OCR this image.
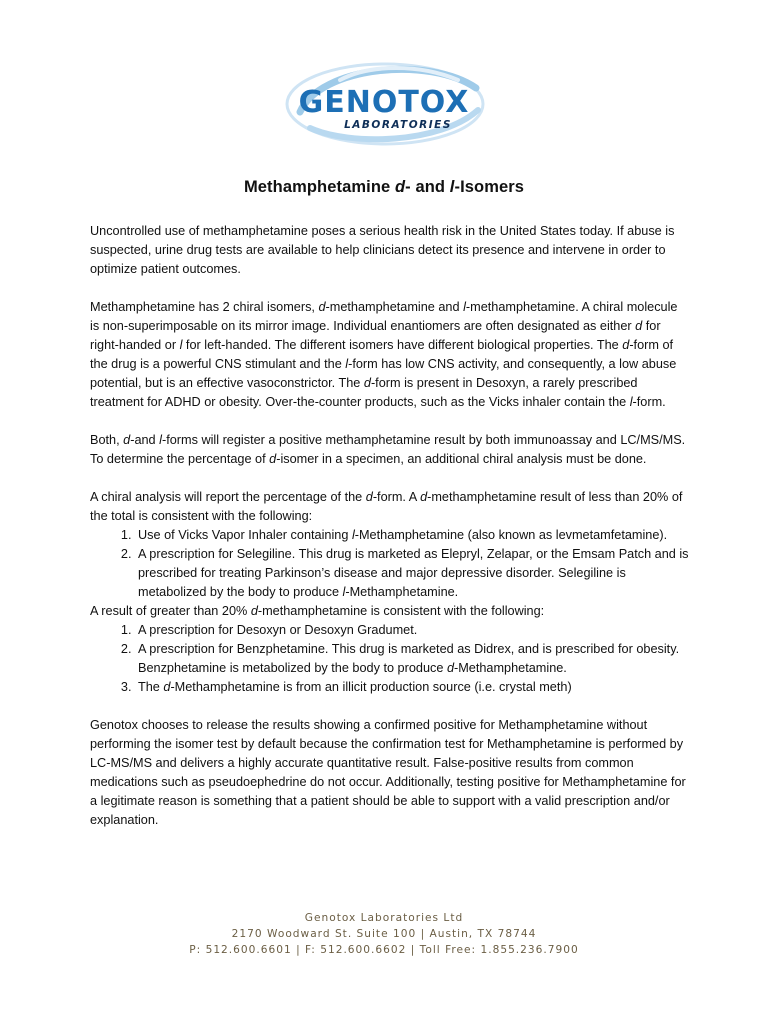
GENOTOX
LABORATORIES
Methamphetamine d- and l-Isomers

Uncontrolled use of methamphetamine poses a serious health risk in the United States today. If abuse is suspected, urine drug tests are available to help clinicians detect its presence and intervene in order to optimize patient outcomes.

Methamphetamine has 2 chiral isomers, d-methamphetamine and l-methamphetamine. A chiral molecule is non-superimposable on its mirror image. Individual enantiomers are often designated as either d for right-handed or l for left-handed. The different isomers have different biological properties. The d-form of the drug is a powerful CNS stimulant and the l-form has low CNS activity, and consequently, a low abuse potential, but is an effective vasoconstrictor. The d-form is present in Desoxyn, a rarely prescribed treatment for ADHD or obesity. Over-the-counter products, such as the Vicks inhaler contain the l-form.

Both, d-and l-forms will register a positive methamphetamine result by both immunoassay and LC/MS/MS. To determine the percentage of d-isomer in a specimen, an additional chiral analysis must be done.

A chiral analysis will report the percentage of the d-form. A d-methamphetamine result of less than 20% of the total is consistent with the following:

1. Use of Vicks Vapor Inhaler containing l-Methamphetamine (also known as levmetamfetamine).
2. A prescription for Selegiline. This drug is marketed as Elepryl, Zelapar, or the Emsam Patch and is prescribed for treating Parkinson’s disease and major depressive disorder. Selegiline is metabolized by the body to produce l-Methamphetamine.

A result of greater than 20% d-methamphetamine is consistent with the following:

1. A prescription for Desoxyn or Desoxyn Gradumet.
2. A prescription for Benzphetamine. This drug is marketed as Didrex, and is prescribed for obesity. Benzphetamine is metabolized by the body to produce d-Methamphetamine.
3. The d-Methamphetamine is from an illicit production source (i.e. crystal meth)

Genotox chooses to release the results showing a confirmed positive for Methamphetamine without performing the isomer test by default because the confirmation test for Methamphetamine is performed by LC-MS/MS and delivers a highly accurate quantitative result. False-positive results from common medications such as pseudoephedrine do not occur. Additionally, testing positive for Methamphetamine for a legitimate reason is something that a patient should be able to support with a valid prescription and/or explanation.

Genotox Laboratories Ltd
2170 Woodward St. Suite 100 | Austin, TX 78744
P: 512.600.6601 | F: 512.600.6602 | Toll Free: 1.855.236.7900
